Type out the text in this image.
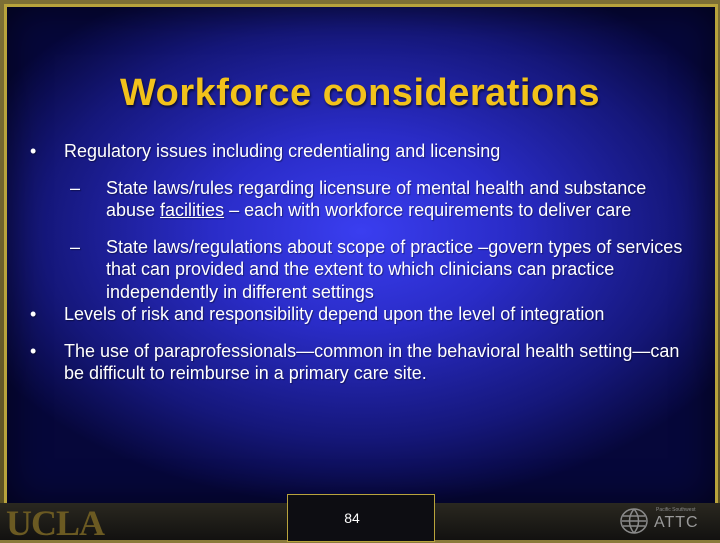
Workforce considerations
•	Regulatory issues including credentialing and licensing
–	State laws/rules regarding licensure of mental health and substance abuse facilities – each with workforce requirements to deliver care
–	State laws/regulations about scope of practice –govern types of services that can provided and the extent to which clinicians can practice independently in different settings
•	Levels of risk and responsibility depend upon the level of integration
•	The use of paraprofessionals—common in the behavioral health setting—can be difficult to reimburse in a primary care site.
UCLA	84	Pacific Southwest
ATTC
